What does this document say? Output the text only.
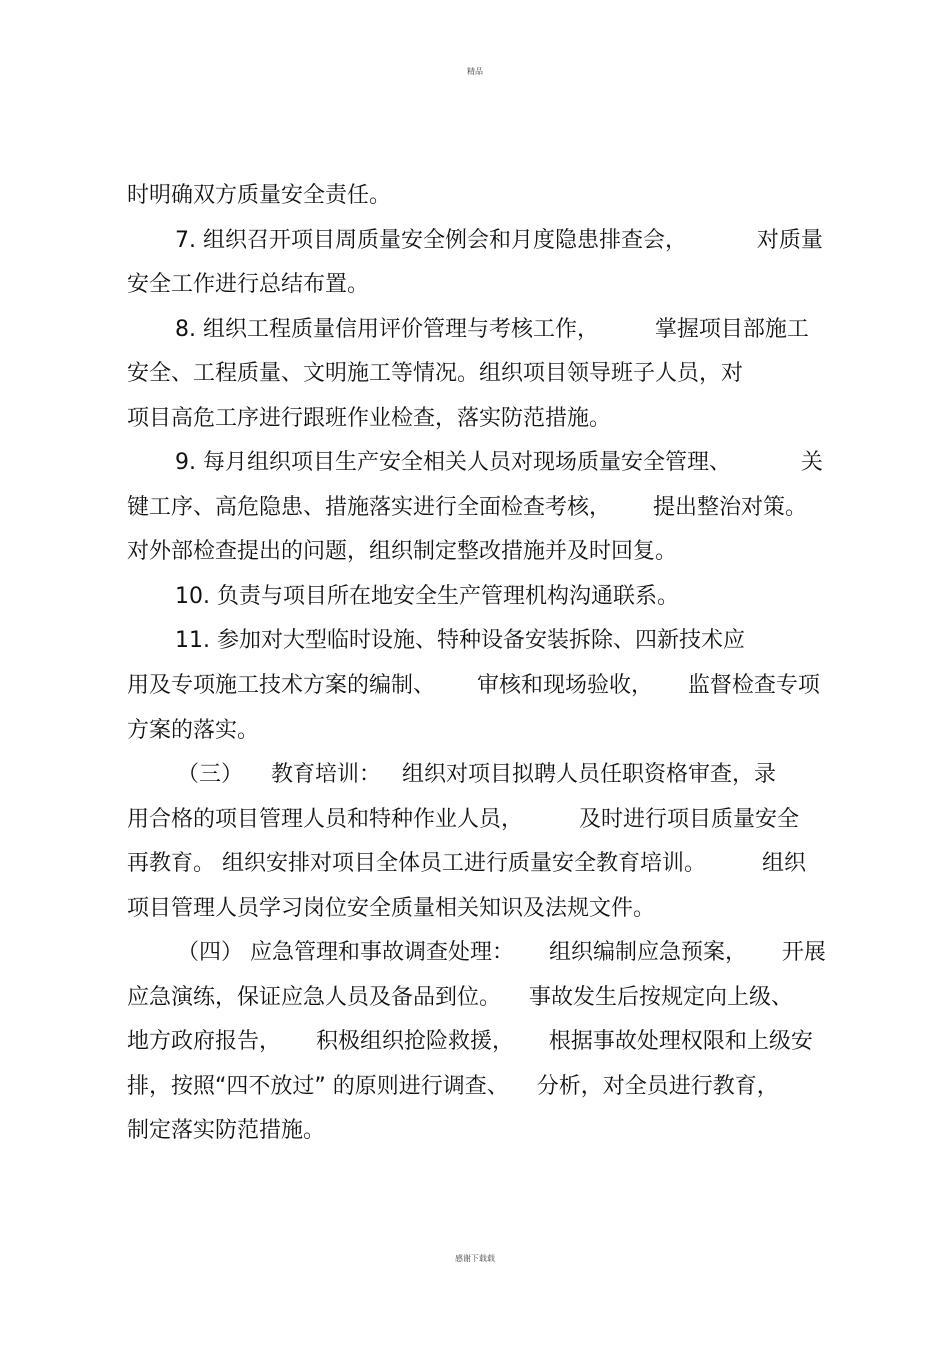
精品
时明确双方质量安全责任。
7. 组织召开项目周质量安全例会和月度隐患排查会，          对质量
安全工作进行总结布置。
8. 组织工程质量信用评价管理与考核工作，        掌握项目部施工
安全、工程质量、文明施工等情况。组织项目领导班子人员，对
项目高危工序进行跟班作业检查，落实防范措施。
9. 每月组织项目生产安全相关人员对现场质量安全管理、          关
键工序、高危隐患、措施落实进行全面检查考核，      提出整治对策。
对外部检查提出的问题，组织制定整改措施并及时回复。
10. 负责与项目所在地安全生产管理机构沟通联系。
11. 参加对大型临时设施、特种设备安装拆除、四新技术应
用及专项施工技术方案的编制、      审核和现场验收，     监督检查专项
方案的落实。
（三）    教育培训：   组织对项目拟聘人员任职资格审查，录
用合格的项目管理人员和特种作业人员，        及时进行项目质量安全
再教育。 组织安排对项目全体员工进行质量安全教育培训。        组织
项目管理人员学习岗位安全质量相关知识及法规文件。
（四） 应急管理和事故调查处理：     组织编制应急预案，     开展
应急演练，保证应急人员及备品到位。    事故发生后按规定向上级、
地方政府报告，     积极组织抢险救援，     根据事故处理权限和上级安
排，按照“四不放过” 的原则进行调查、    分析，对全员进行教育，
制定落实防范措施。
感谢下载载
